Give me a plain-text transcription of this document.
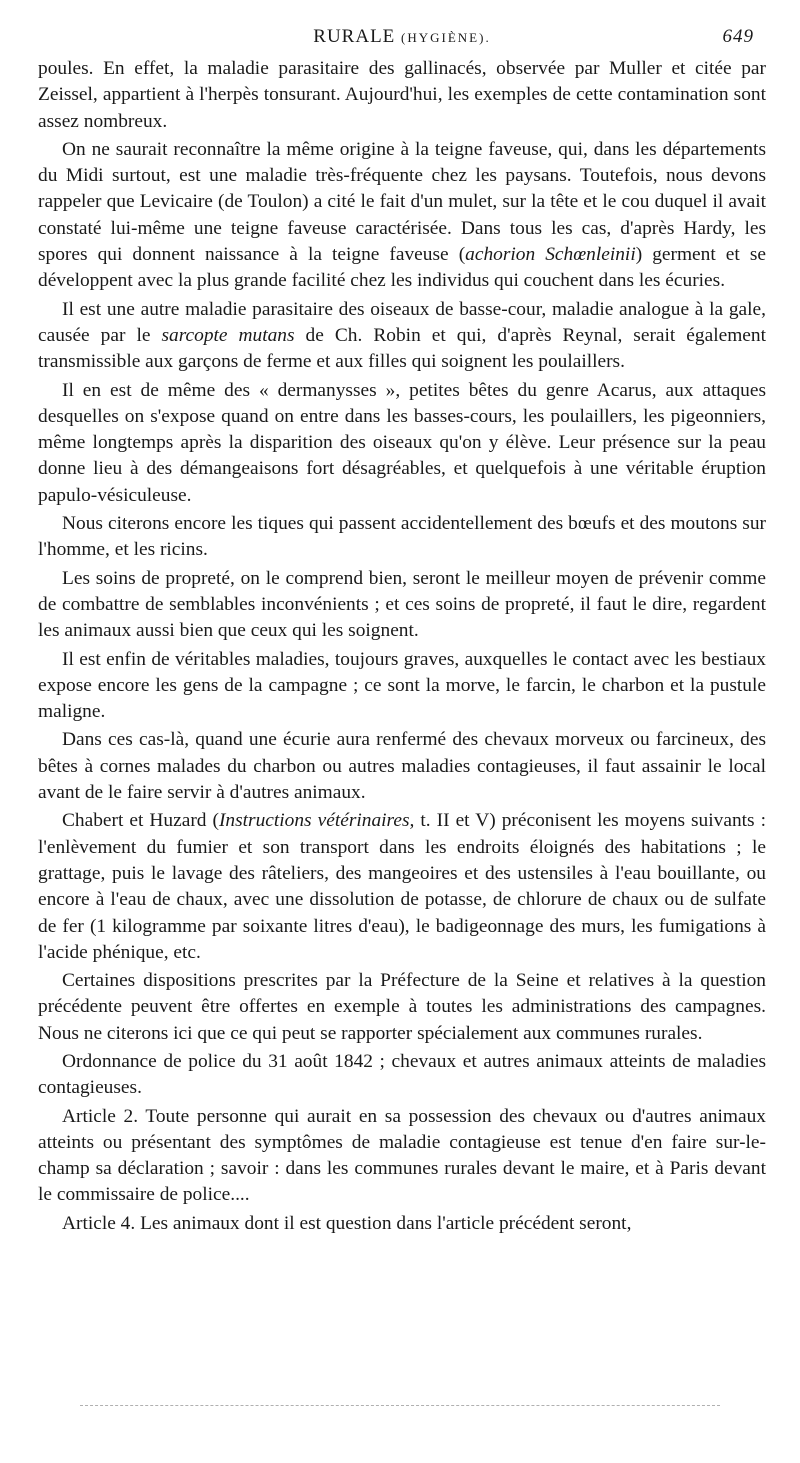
RURALE (HYGIÈNE).	649

poules. En effet, la maladie parasitaire des gallinacés, observée par Muller et citée par Zeissel, appartient à l'herpès tonsurant. Aujourd'hui, les exemples de cette contamination sont assez nombreux.

On ne saurait reconnaître la même origine à la teigne faveuse, qui, dans les départements du Midi surtout, est une maladie très-fréquente chez les paysans. Toutefois, nous devons rappeler que Levicaire (de Toulon) a cité le fait d'un mulet, sur la tête et le cou duquel il avait constaté lui-même une teigne faveuse caractérisée. Dans tous les cas, d'après Hardy, les spores qui donnent naissance à la teigne faveuse (achorion Schœnleinii) germent et se développent avec la plus grande facilité chez les individus qui couchent dans les écuries.

Il est une autre maladie parasitaire des oiseaux de basse-cour, maladie analogue à la gale, causée par le sarcopte mutans de Ch. Robin et qui, d'après Reynal, serait également transmissible aux garçons de ferme et aux filles qui soignent les poulaillers.

Il en est de même des « dermanysses », petites bêtes du genre Acarus, aux attaques desquelles on s'expose quand on entre dans les basses-cours, les poulaillers, les pigeonniers, même longtemps après la disparition des oiseaux qu'on y élève. Leur présence sur la peau donne lieu à des démangeaisons fort désagréables, et quelquefois à une véritable éruption papulo-vésiculeuse.

Nous citerons encore les tiques qui passent accidentellement des bœufs et des moutons sur l'homme, et les ricins.

Les soins de propreté, on le comprend bien, seront le meilleur moyen de prévenir comme de combattre de semblables inconvénients ; et ces soins de propreté, il faut le dire, regardent les animaux aussi bien que ceux qui les soignent.

Il est enfin de véritables maladies, toujours graves, auxquelles le contact avec les bestiaux expose encore les gens de la campagne ; ce sont la morve, le farcin, le charbon et la pustule maligne.

Dans ces cas-là, quand une écurie aura renfermé des chevaux morveux ou farcineux, des bêtes à cornes malades du charbon ou autres maladies contagieuses, il faut assainir le local avant de le faire servir à d'autres animaux.

Chabert et Huzard (Instructions vétérinaires, t. II et V) préconisent les moyens suivants : l'enlèvement du fumier et son transport dans les endroits éloignés des habitations ; le grattage, puis le lavage des râteliers, des mangeoires et des ustensiles à l'eau bouillante, ou encore à l'eau de chaux, avec une dissolution de potasse, de chlorure de chaux ou de sulfate de fer (1 kilogramme par soixante litres d'eau), le badigeonnage des murs, les fumigations à l'acide phénique, etc.

Certaines dispositions prescrites par la Préfecture de la Seine et relatives à la question précédente peuvent être offertes en exemple à toutes les administrations des campagnes. Nous ne citerons ici que ce qui peut se rapporter spécialement aux communes rurales.

Ordonnance de police du 31 août 1842 ; chevaux et autres animaux atteints de maladies contagieuses.

Article 2. Toute personne qui aurait en sa possession des chevaux ou d'autres animaux atteints ou présentant des symptômes de maladie contagieuse est tenue d'en faire sur-le-champ sa déclaration ; savoir : dans les communes rurales devant le maire, et à Paris devant le commissaire de police....

Article 4. Les animaux dont il est question dans l'article précédent seront,
